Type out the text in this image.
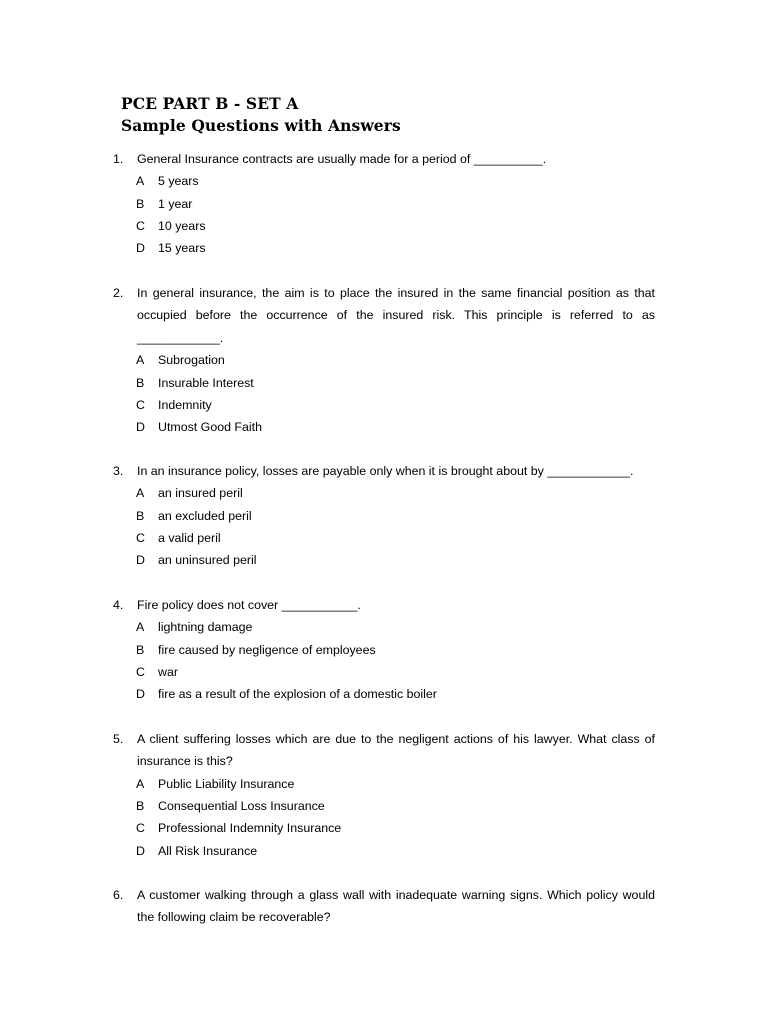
PCE PART B - SET A
Sample Questions with Answers
1. General Insurance contracts are usually made for a period of __________.
A 5 years
B 1 year
C 10 years
D 15 years
2. In general insurance, the aim is to place the insured in the same financial position as that
occupied before the occurrence of the insured risk. This principle is referred to as
____________.
A Subrogation
B Insurable Interest
C Indemnity
D Utmost Good Faith
3. In an insurance policy, losses are payable only when it is brought about by ____________.
A an insured peril
B an excluded peril
C a valid peril
D an uninsured peril
4. Fire policy does not cover ___________.
A lightning damage
B fire caused by negligence of employees
C war
D fire as a result of the explosion of a domestic boiler
5. A client suffering losses which are due to the negligent actions of his lawyer. What class of
insurance is this?
A Public Liability Insurance
B Consequential Loss Insurance
C Professional Indemnity Insurance
D All Risk Insurance
6. A customer walking through a glass wall with inadequate warning signs. Which policy would
the following claim be recoverable?
